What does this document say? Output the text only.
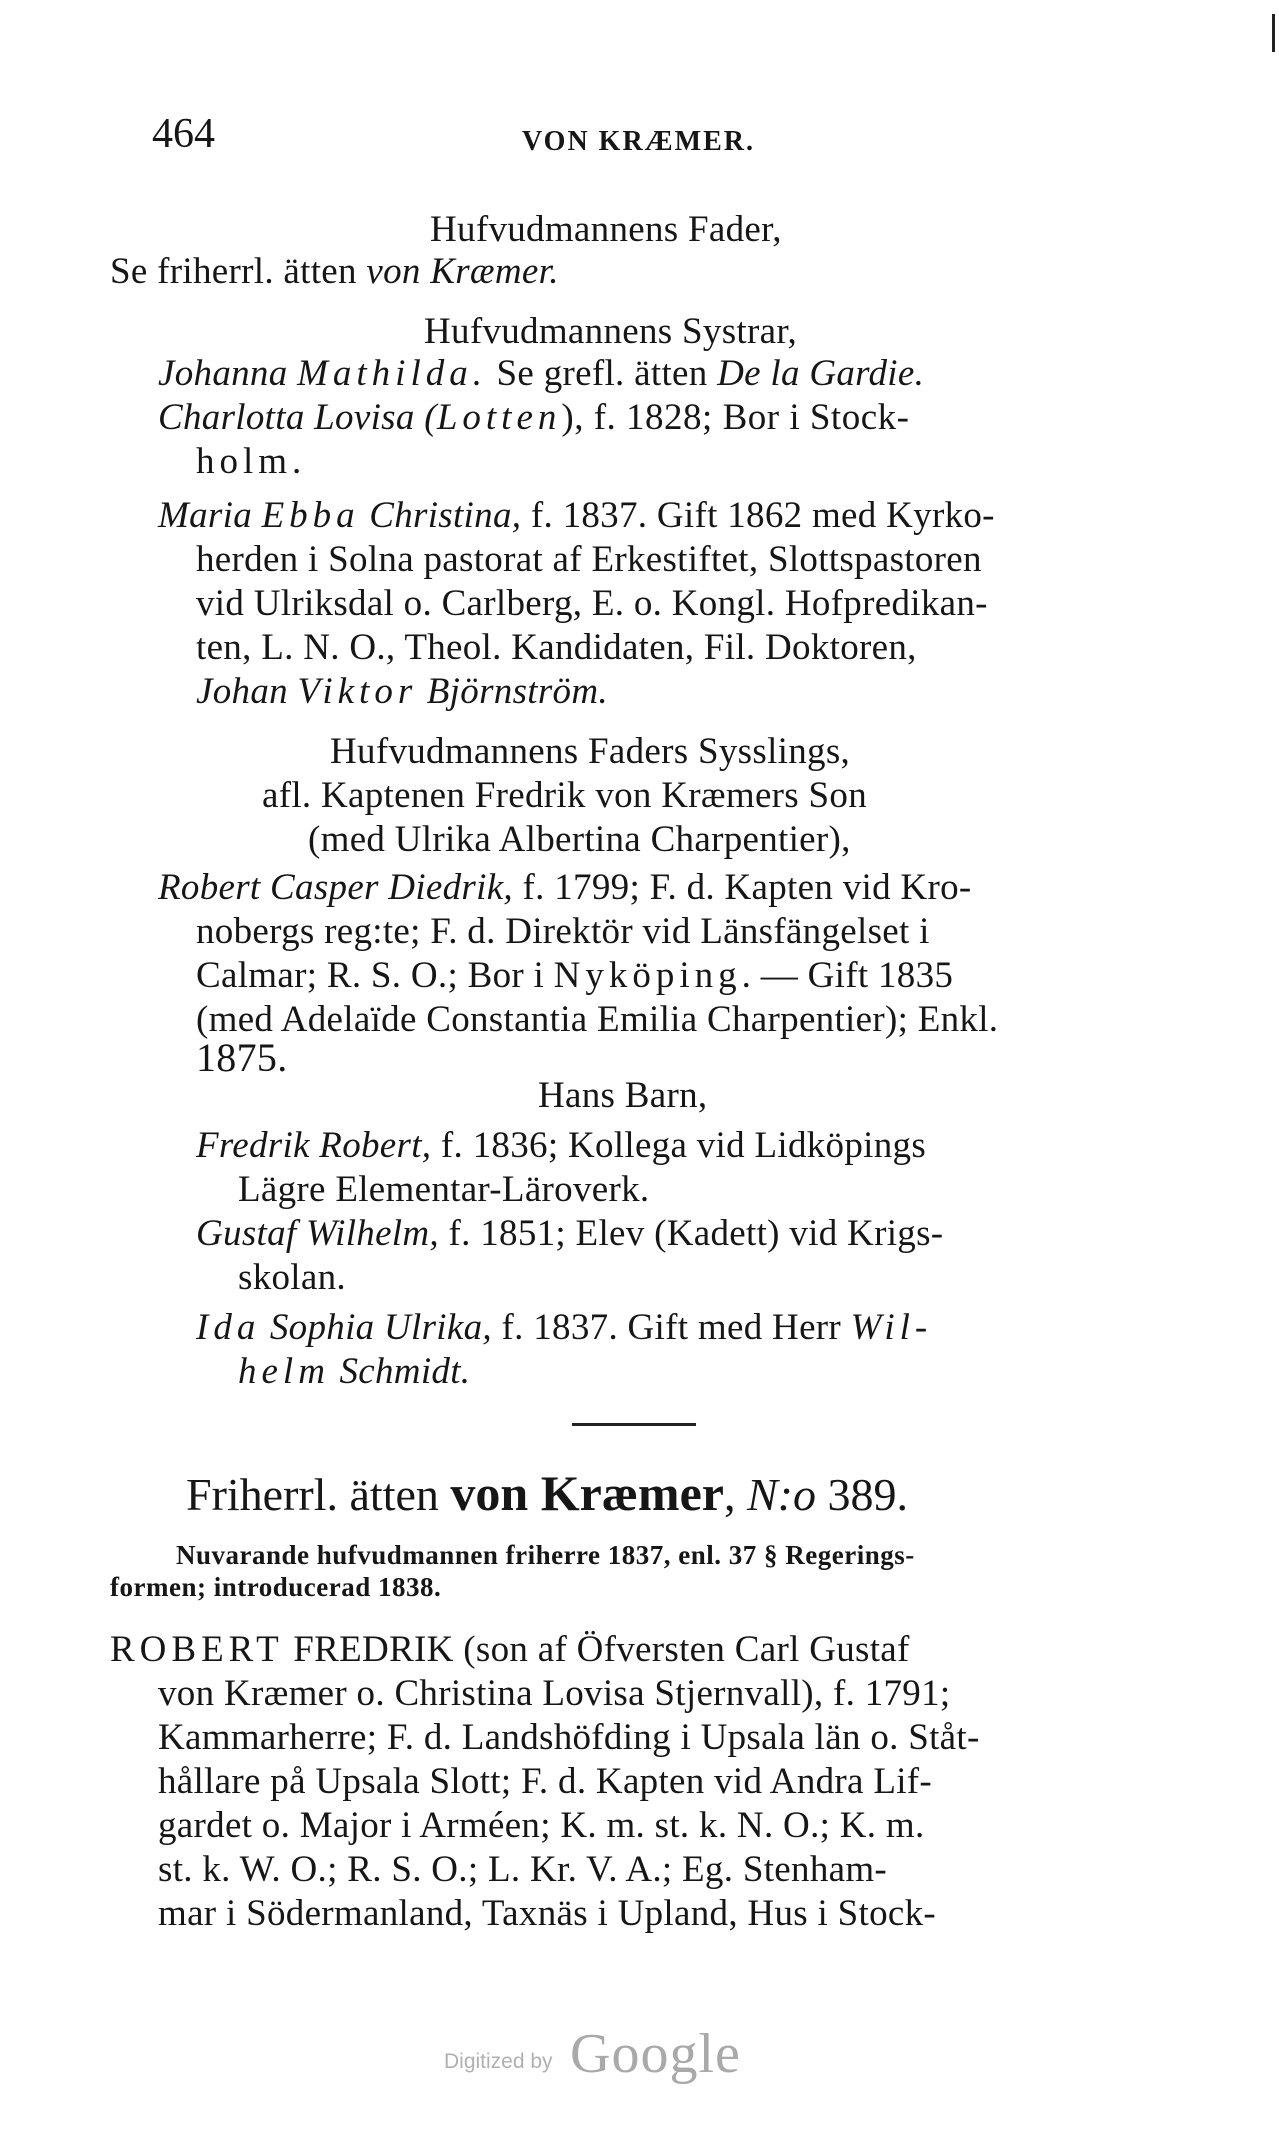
464	VON KRÆMER.
Hufvudmannens Fader,
Se friherrl. ätten von Kræmer.
Hufvudmannens Systrar,
Johanna Mathilda. Se grefl. ätten De la Gardie.
Charlotta Lovisa (Lotten), f. 1828; Bor i Stock-
holm.
Maria Ebba Christina, f. 1837. Gift 1862 med Kyrko-
herden i Solna pastorat af Erkestiftet, Slottspastoren
vid Ulriksdal o. Carlberg, E. o. Kongl. Hofpredikan-
ten, L. N. O., Theol. Kandidaten, Fil. Doktoren,
Johan Viktor Björnström.
Hufvudmannens Faders Sysslings,
afl. Kaptenen Fredrik von Kræmers Son
(med Ulrika Albertina Charpentier),
Robert Casper Diedrik, f. 1799; F. d. Kapten vid Kro-
nobergs reg:te; F. d. Direktör vid Länsfängelset i
Calmar; R. S. O.; Bor i Nyköping. — Gift 1835
(med Adelaïde Constantia Emilia Charpentier); Enkl.
1875.
Hans Barn,
Fredrik Robert, f. 1836; Kollega vid Lidköpings
Lägre Elementar-Läroverk.
Gustaf Wilhelm, f. 1851; Elev (Kadett) vid Krigs-
skolan.
Ida Sophia Ulrika, f. 1837. Gift med Herr Wil-
helm Schmidt.
Friherrl. ätten von Kræmer, N:o 389.
Nuvarande hufvudmannen friherre 1837, enl. 37 § Regerings-
formen; introducerad 1838.
ROBERT FREDRIK (son af Öfversten Carl Gustaf
von Kræmer o. Christina Lovisa Stjernvall), f. 1791;
Kammarherre; F. d. Landshöfding i Upsala län o. Ståt-
hållare på Upsala Slott; F. d. Kapten vid Andra Lif-
gardet o. Major i Arméen; K. m. st. k. N. O.; K. m.
st. k. W. O.; R. S. O.; L. Kr. V. A.; Eg. Stenham-
mar i Södermanland, Taxnäs i Upland, Hus i Stock-
Digitized by Google
